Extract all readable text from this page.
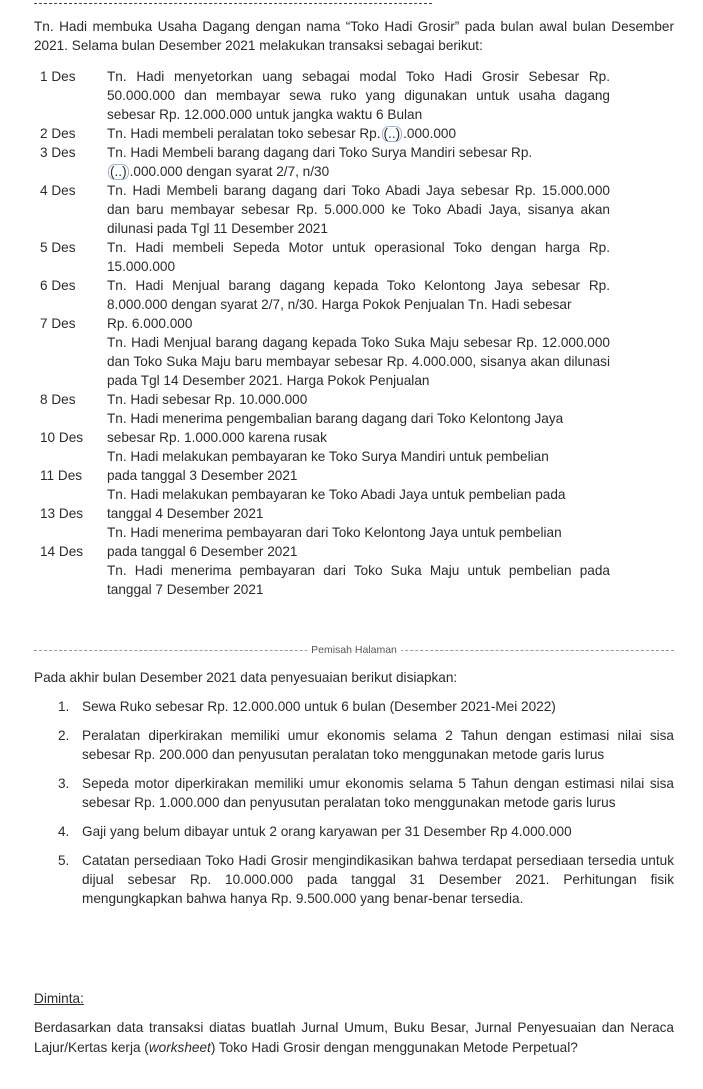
Tn. Hadi membuka Usaha Dagang dengan nama “Toko Hadi Grosir” pada bulan awal bulan Desember 2021. Selama bulan Desember 2021 melakukan transaksi sebagai berikut:
1 Des	Tn. Hadi menyetorkan uang sebagai modal Toko Hadi Grosir Sebesar Rp. 50.000.000 dan membayar sewa ruko yang digunakan untuk usaha dagang sebesar Rp. 12.000.000 untuk jangka waktu 6 Bulan
2 Des	Tn. Hadi membeli peralatan toko sebesar Rp. (..) .000.000
3 Des	Tn. Hadi Membeli barang dagang dari Toko Surya Mandiri sebesar Rp.
(..) .000.000 dengan syarat 2/7, n/30
4 Des	Tn. Hadi Membeli barang dagang dari Toko Abadi Jaya sebesar Rp. 15.000.000 dan baru membayar sebesar Rp. 5.000.000 ke Toko Abadi Jaya, sisanya akan dilunasi pada Tgl 11 Desember 2021
5 Des	Tn. Hadi membeli Sepeda Motor untuk operasional Toko dengan harga Rp. 15.000.000
6 Des	Tn. Hadi Menjual barang dagang kepada Toko Kelontong Jaya sebesar Rp. 8.000.000 dengan syarat 2/7, n/30. Harga Pokok Penjualan Tn. Hadi sebesar
7 Des	Rp. 6.000.000
Tn. Hadi Menjual barang dagang kepada Toko Suka Maju sebesar Rp. 12.000.000 dan Toko Suka Maju baru membayar sebesar Rp. 4.000.000, sisanya akan dilunasi pada Tgl 14 Desember 2021. Harga Pokok Penjualan
8 Des	Tn. Hadi sebesar Rp. 10.000.000
Tn. Hadi menerima pengembalian barang dagang dari Toko Kelontong Jaya
10 Des	sebesar Rp. 1.000.000 karena rusak
Tn. Hadi melakukan pembayaran ke Toko Surya Mandiri untuk pembelian
11 Des	pada tanggal 3 Desember 2021
Tn. Hadi melakukan pembayaran ke Toko Abadi Jaya untuk pembelian pada
13 Des	tanggal 4 Desember 2021
Tn. Hadi menerima pembayaran dari Toko Kelontong Jaya untuk pembelian
14 Des	pada tanggal 6 Desember 2021
Tn. Hadi menerima pembayaran dari Toko Suka Maju untuk pembelian pada tanggal 7 Desember 2021
Pemisah Halaman
Pada akhir bulan Desember 2021 data penyesuaian berikut disiapkan:
1. Sewa Ruko sebesar Rp. 12.000.000 untuk 6 bulan (Desember 2021-Mei 2022)
2. Peralatan diperkirakan memiliki umur ekonomis selama 2 Tahun dengan estimasi nilai sisa sebesar Rp. 200.000 dan penyusutan peralatan toko menggunakan metode garis lurus
3. Sepeda motor diperkirakan memiliki umur ekonomis selama 5 Tahun dengan estimasi nilai sisa sebesar Rp. 1.000.000 dan penyusutan peralatan toko menggunakan metode garis lurus
4. Gaji yang belum dibayar untuk 2 orang karyawan per 31 Desember Rp 4.000.000
5. Catatan persediaan Toko Hadi Grosir mengindikasikan bahwa terdapat persediaan tersedia untuk dijual sebesar Rp. 10.000.000 pada tanggal 31 Desember 2021. Perhitungan fisik mengungkapkan bahwa hanya Rp. 9.500.000 yang benar-benar tersedia.
Diminta:
Berdasarkan data transaksi diatas buatlah Jurnal Umum, Buku Besar, Jurnal Penyesuaian dan Neraca Lajur/Kertas kerja (worksheet) Toko Hadi Grosir dengan menggunakan Metode Perpetual?
